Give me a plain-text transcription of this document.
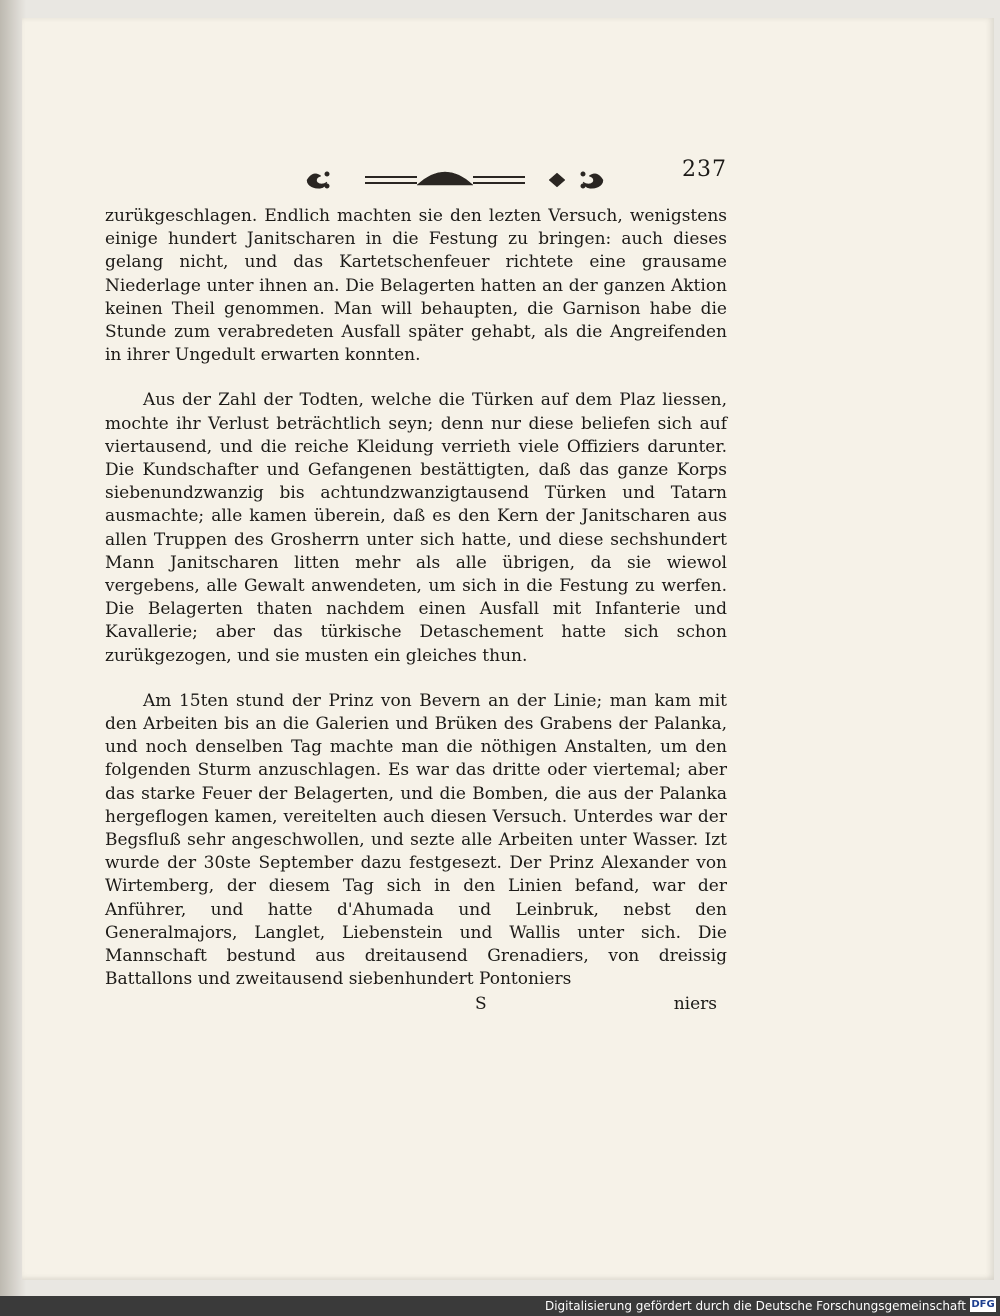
237

zurükgeschlagen. Endlich machten sie den lezten Versuch, wenigstens einige hundert Janitscharen in die Festung zu bringen: auch dieses gelang nicht, und das Kartetschenfeuer richtete eine grausame Niederlage unter ihnen an. Die Belagerten hatten an der ganzen Aktion keinen Theil genommen. Man will behaupten, die Garnison habe die Stunde zum verabredeten Ausfall später gehabt, als die Angreifenden in ihrer Ungedult erwarten konnten.

Aus der Zahl der Todten, welche die Türken auf dem Plaz liessen, mochte ihr Verlust beträchtlich seyn; denn nur diese beliefen sich auf viertausend, und die reiche Kleidung verrieth viele Offiziers darunter. Die Kundschafter und Gefangenen bestättigten, daß das ganze Korps siebenundzwanzig bis achtundzwanzigtausend Türken und Tatarn ausmachte; alle kamen überein, daß es den Kern der Janitscharen aus allen Truppen des Grosherrn unter sich hatte, und diese sechshundert Mann Janitscharen litten mehr als alle übrigen, da sie wiewol vergebens, alle Gewalt anwendeten, um sich in die Festung zu werfen. Die Belagerten thaten nachdem einen Ausfall mit Infanterie und Kavallerie; aber das türkische Detaschement hatte sich schon zurükgezogen, und sie musten ein gleiches thun.

Am 15ten stund der Prinz von Bevern an der Linie; man kam mit den Arbeiten bis an die Galerien und Brüken des Grabens der Palanka, und noch denselben Tag machte man die nöthigen Anstalten, um den folgenden Sturm anzuschlagen. Es war das dritte oder viertemal; aber das starke Feuer der Belagerten, und die Bomben, die aus der Palanka hergeflogen kamen, vereitelten auch diesen Versuch. Unterdes war der Begsfluß sehr angeschwollen, und sezte alle Arbeiten unter Wasser. Izt wurde der 30ste September dazu festgesezt. Der Prinz Alexander von Wirtemberg, der diesem Tag sich in den Linien befand, war der Anführer, und hatte d'Ahumada und Leinbruk, nebst den Generalmajors, Langlet, Liebenstein und Wallis unter sich. Die Mannschaft bestund aus dreitausend Grenadiers, von dreissig Battallons und zweitausend siebenhundert Pontoniers

S	niers
Digitalisierung gefördert durch die Deutsche Forschungsgemeinschaft DFG
